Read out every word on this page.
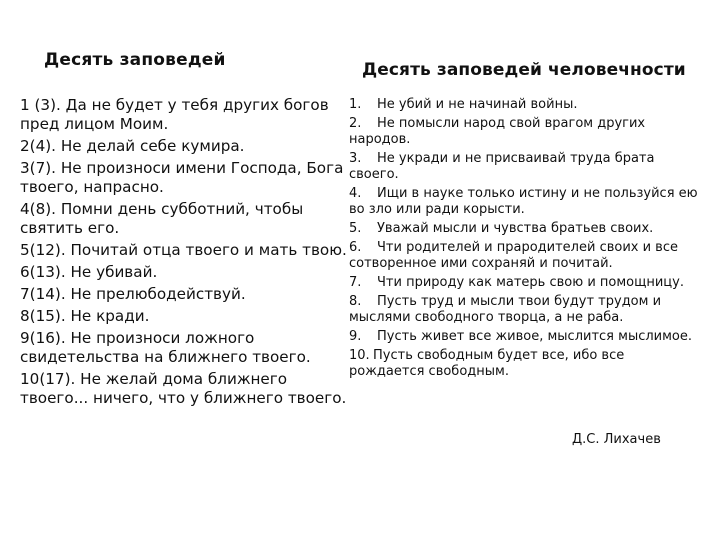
Десять заповедей	Десять заповедей человечности
1 (3). Да не будет у тебя других богов пред лицом Моим.
2(4). Не делай себе кумира.
3(7). Не произноси имени Господа, Бога твоего, напрасно.
4(8). Помни день субботний, чтобы святить его.
5(12). Почитай отца твоего и мать твою.
6(13). Не убивай.
7(14). Не прелюбодействуй.
8(15). Не кради.
9(16). Не произноси ложного свидетельства на ближнего твоего.
10(17). Не желай дома ближнего твоего... ничего, что у ближнего твоего.
1. Не убий и не начинай войны.
2. Не помысли народ свой врагом других народов.
3. Не укради и не присваивай труда брата своего.
4. Ищи в науке только истину и не пользуйся ею во зло или ради корысти.
5. Уважай мысли и чувства братьев своих.
6. Чти родителей и прародителей своих и все сотворенное ими сохраняй и почитай.
7. Чти природу как матерь свою и помощницу.
8. Пусть труд и мысли твои будут трудом и мыслями свободного творца, а не раба.
9. Пусть живет все живое, мыслится мыслимое.
10. Пусть свободным будет все, ибо все рождается свободным.
Д.С. Лихачев
